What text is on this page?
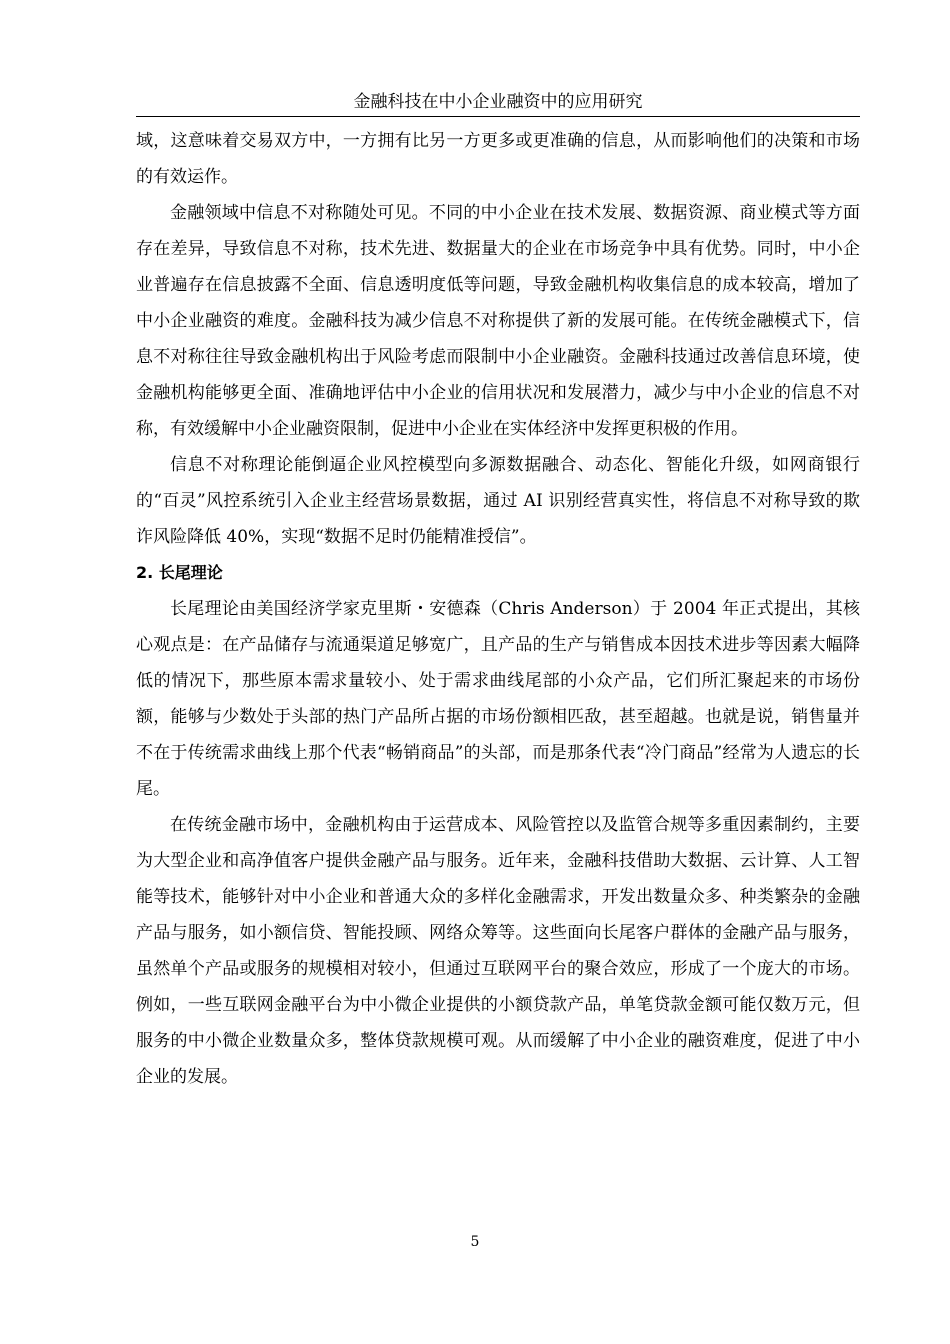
金融科技在中小企业融资中的应用研究

域，这意味着交易双方中，一方拥有比另一方更多或更准确的信息，从而影响他们的决策和市场的有效运作。

金融领域中信息不对称随处可见。不同的中小企业在技术发展、数据资源、商业模式等方面存在差异，导致信息不对称，技术先进、数据量大的企业在市场竞争中具有优势。同时，中小企业普遍存在信息披露不全面、信息透明度低等问题，导致金融机构收集信息的成本较高，增加了中小企业融资的难度。金融科技为减少信息不对称提供了新的发展可能。在传统金融模式下，信息不对称往往导致金融机构出于风险考虑而限制中小企业融资。金融科技通过改善信息环境，使金融机构能够更全面、准确地评估中小企业的信用状况和发展潜力，减少与中小企业的信息不对称，有效缓解中小企业融资限制，促进中小企业在实体经济中发挥更积极的作用。

信息不对称理论能倒逼企业风控模型向多源数据融合、动态化、智能化升级，如网商银行的“百灵”风控系统引入企业主经营场景数据，通过 AI 识别经营真实性，将信息不对称导致的欺诈风险降低 40%，实现“数据不足时仍能精准授信”。

2. 长尾理论

长尾理论由美国经济学家克里斯・安德森（Chris Anderson）于 2004 年正式提出，其核心观点是：在产品储存与流通渠道足够宽广，且产品的生产与销售成本因技术进步等因素大幅降低的情况下，那些原本需求量较小、处于需求曲线尾部的小众产品，它们所汇聚起来的市场份额，能够与少数处于头部的热门产品所占据的市场份额相匹敌，甚至超越。也就是说，销售量并不在于传统需求曲线上那个代表“畅销商品”的头部，而是那条代表“冷门商品”经常为人遗忘的长尾。

在传统金融市场中，金融机构由于运营成本、风险管控以及监管合规等多重因素制约，主要为大型企业和高净值客户提供金融产品与服务。近年来，金融科技借助大数据、云计算、人工智能等技术，能够针对中小企业和普通大众的多样化金融需求，开发出数量众多、种类繁杂的金融产品与服务，如小额信贷、智能投顾、网络众筹等。这些面向长尾客户群体的金融产品与服务，虽然单个产品或服务的规模相对较小，但通过互联网平台的聚合效应，形成了一个庞大的市场。例如，一些互联网金融平台为中小微企业提供的小额贷款产品，单笔贷款金额可能仅数万元，但服务的中小微企业数量众多，整体贷款规模可观。从而缓解了中小企业的融资难度，促进了中小企业的发展。

5
